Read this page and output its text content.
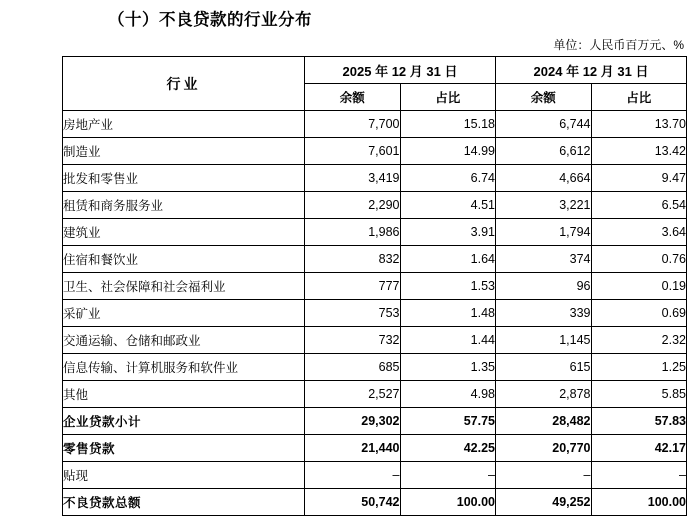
（十）不良贷款的行业分布
单位：人民币百万元、%
行业	2025 年 12 月 31 日		2024 年 12 月 31 日	
	余额	占比	余额	占比
房地产业	7,700	15.18	6,744	13.70
制造业	7,601	14.99	6,612	13.42
批发和零售业	3,419	6.74	4,664	9.47
租赁和商务服务业	2,290	4.51	3,221	6.54
建筑业	1,986	3.91	1,794	3.64
住宿和餐饮业	832	1.64	374	0.76
卫生、社会保障和社会福利业	777	1.53	96	0.19
采矿业	753	1.48	339	0.69
交通运输、仓储和邮政业	732	1.44	1,145	2.32
信息传输、计算机服务和软件业	685	1.35	615	1.25
其他	2,527	4.98	2,878	5.85
企业贷款小计	29,302	57.75	28,482	57.83
零售贷款	21,440	42.25	20,770	42.17
贴现	–	–	–	–
不良贷款总额	50,742	100.00	49,252	100.00
